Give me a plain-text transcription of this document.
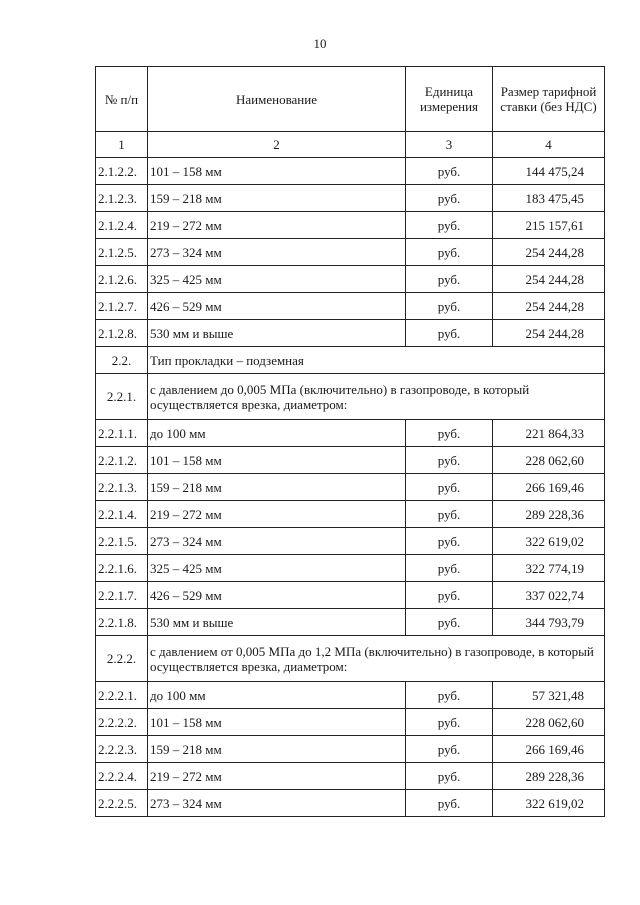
10
№ п/п	Наименование	Единица измерения	Размер тарифной ставки (без НДС)
1	2	3	4
2.1.2.2.	101 – 158 мм	руб.	144 475,24
2.1.2.3.	159 – 218 мм	руб.	183 475,45
2.1.2.4.	219 – 272 мм	руб.	215 157,61
2.1.2.5.	273 – 324 мм	руб.	254 244,28
2.1.2.6.	325 – 425 мм	руб.	254 244,28
2.1.2.7.	426 – 529 мм	руб.	254 244,28
2.1.2.8.	530 мм и выше	руб.	254 244,28
2.2.	Тип прокладки – подземная		
2.2.1.	с давлением до 0,005 МПа (включительно) в газопроводе, в который осуществляется врезка, диаметром:		
2.2.1.1.	до 100 мм	руб.	221 864,33
2.2.1.2.	101 – 158 мм	руб.	228 062,60
2.2.1.3.	159 – 218 мм	руб.	266 169,46
2.2.1.4.	219 – 272 мм	руб.	289 228,36
2.2.1.5.	273 – 324 мм	руб.	322 619,02
2.2.1.6.	325 – 425 мм	руб.	322 774,19
2.2.1.7.	426 – 529 мм	руб.	337 022,74
2.2.1.8.	530 мм и выше	руб.	344 793,79
2.2.2.	с давлением от 0,005 МПа до 1,2 МПа (включительно) в газопроводе, в который осуществляется врезка, диаметром:		
2.2.2.1.	до 100 мм	руб.	57 321,48
2.2.2.2.	101 – 158 мм	руб.	228 062,60
2.2.2.3.	159 – 218 мм	руб.	266 169,46
2.2.2.4.	219 – 272 мм	руб.	289 228,36
2.2.2.5.	273 – 324 мм	руб.	322 619,02
